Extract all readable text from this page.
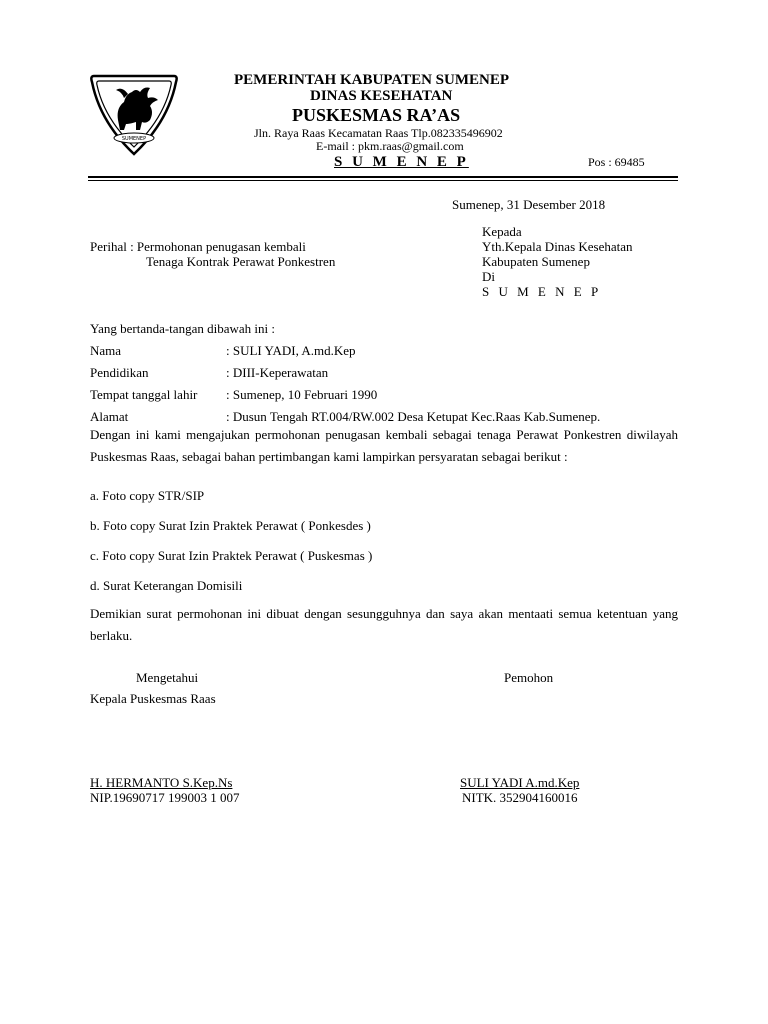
SUMENEP
PEMERINTAH KABUPATEN SUMENEP
DINAS KESEHATAN
PUSKESMAS RA’AS
Jln. Raya Raas Kecamatan Raas Tlp.082335496902
E-mail : pkm.raas@gmail.com
S U M E N E P	Pos : 69485
Sumenep, 31 Desember 2018
Kepada
Yth.Kepala Dinas Kesehatan
Kabupaten Sumenep
Di
S U M E N E P
Perihal : Permohonan penugasan kembali
Tenaga Kontrak Perawat Ponkestren
Yang bertanda-tangan dibawah ini :
Nama	: SULI YADI, A.md.Kep
Pendidikan	: DIII-Keperawatan
Tempat tanggal lahir : Sumenep, 10 Februari 1990
Alamat	: Dusun Tengah RT.004/RW.002 Desa Ketupat Kec.Raas Kab.Sumenep.
Dengan ini kami mengajukan permohonan penugasan kembali sebagai tenaga Perawat Ponkestren diwilayah Puskesmas Raas, sebagai bahan pertimbangan kami lampirkan persyaratan sebagai berikut :
a. Foto copy STR/SIP
b. Foto copy Surat Izin Praktek Perawat ( Ponkesdes )
c. Foto copy Surat Izin Praktek Perawat ( Puskesmas )
d. Surat Keterangan Domisili
Demikian surat permohonan ini dibuat dengan sesungguhnya dan saya akan mentaati semua ketentuan yang berlaku.
Mengetahui
Kepala Puskesmas Raas
Pemohon
H. HERMANTO S.Kep.Ns
NIP.19690717 199003 1 007
SULI YADI A.md.Kep
NITK. 352904160016
